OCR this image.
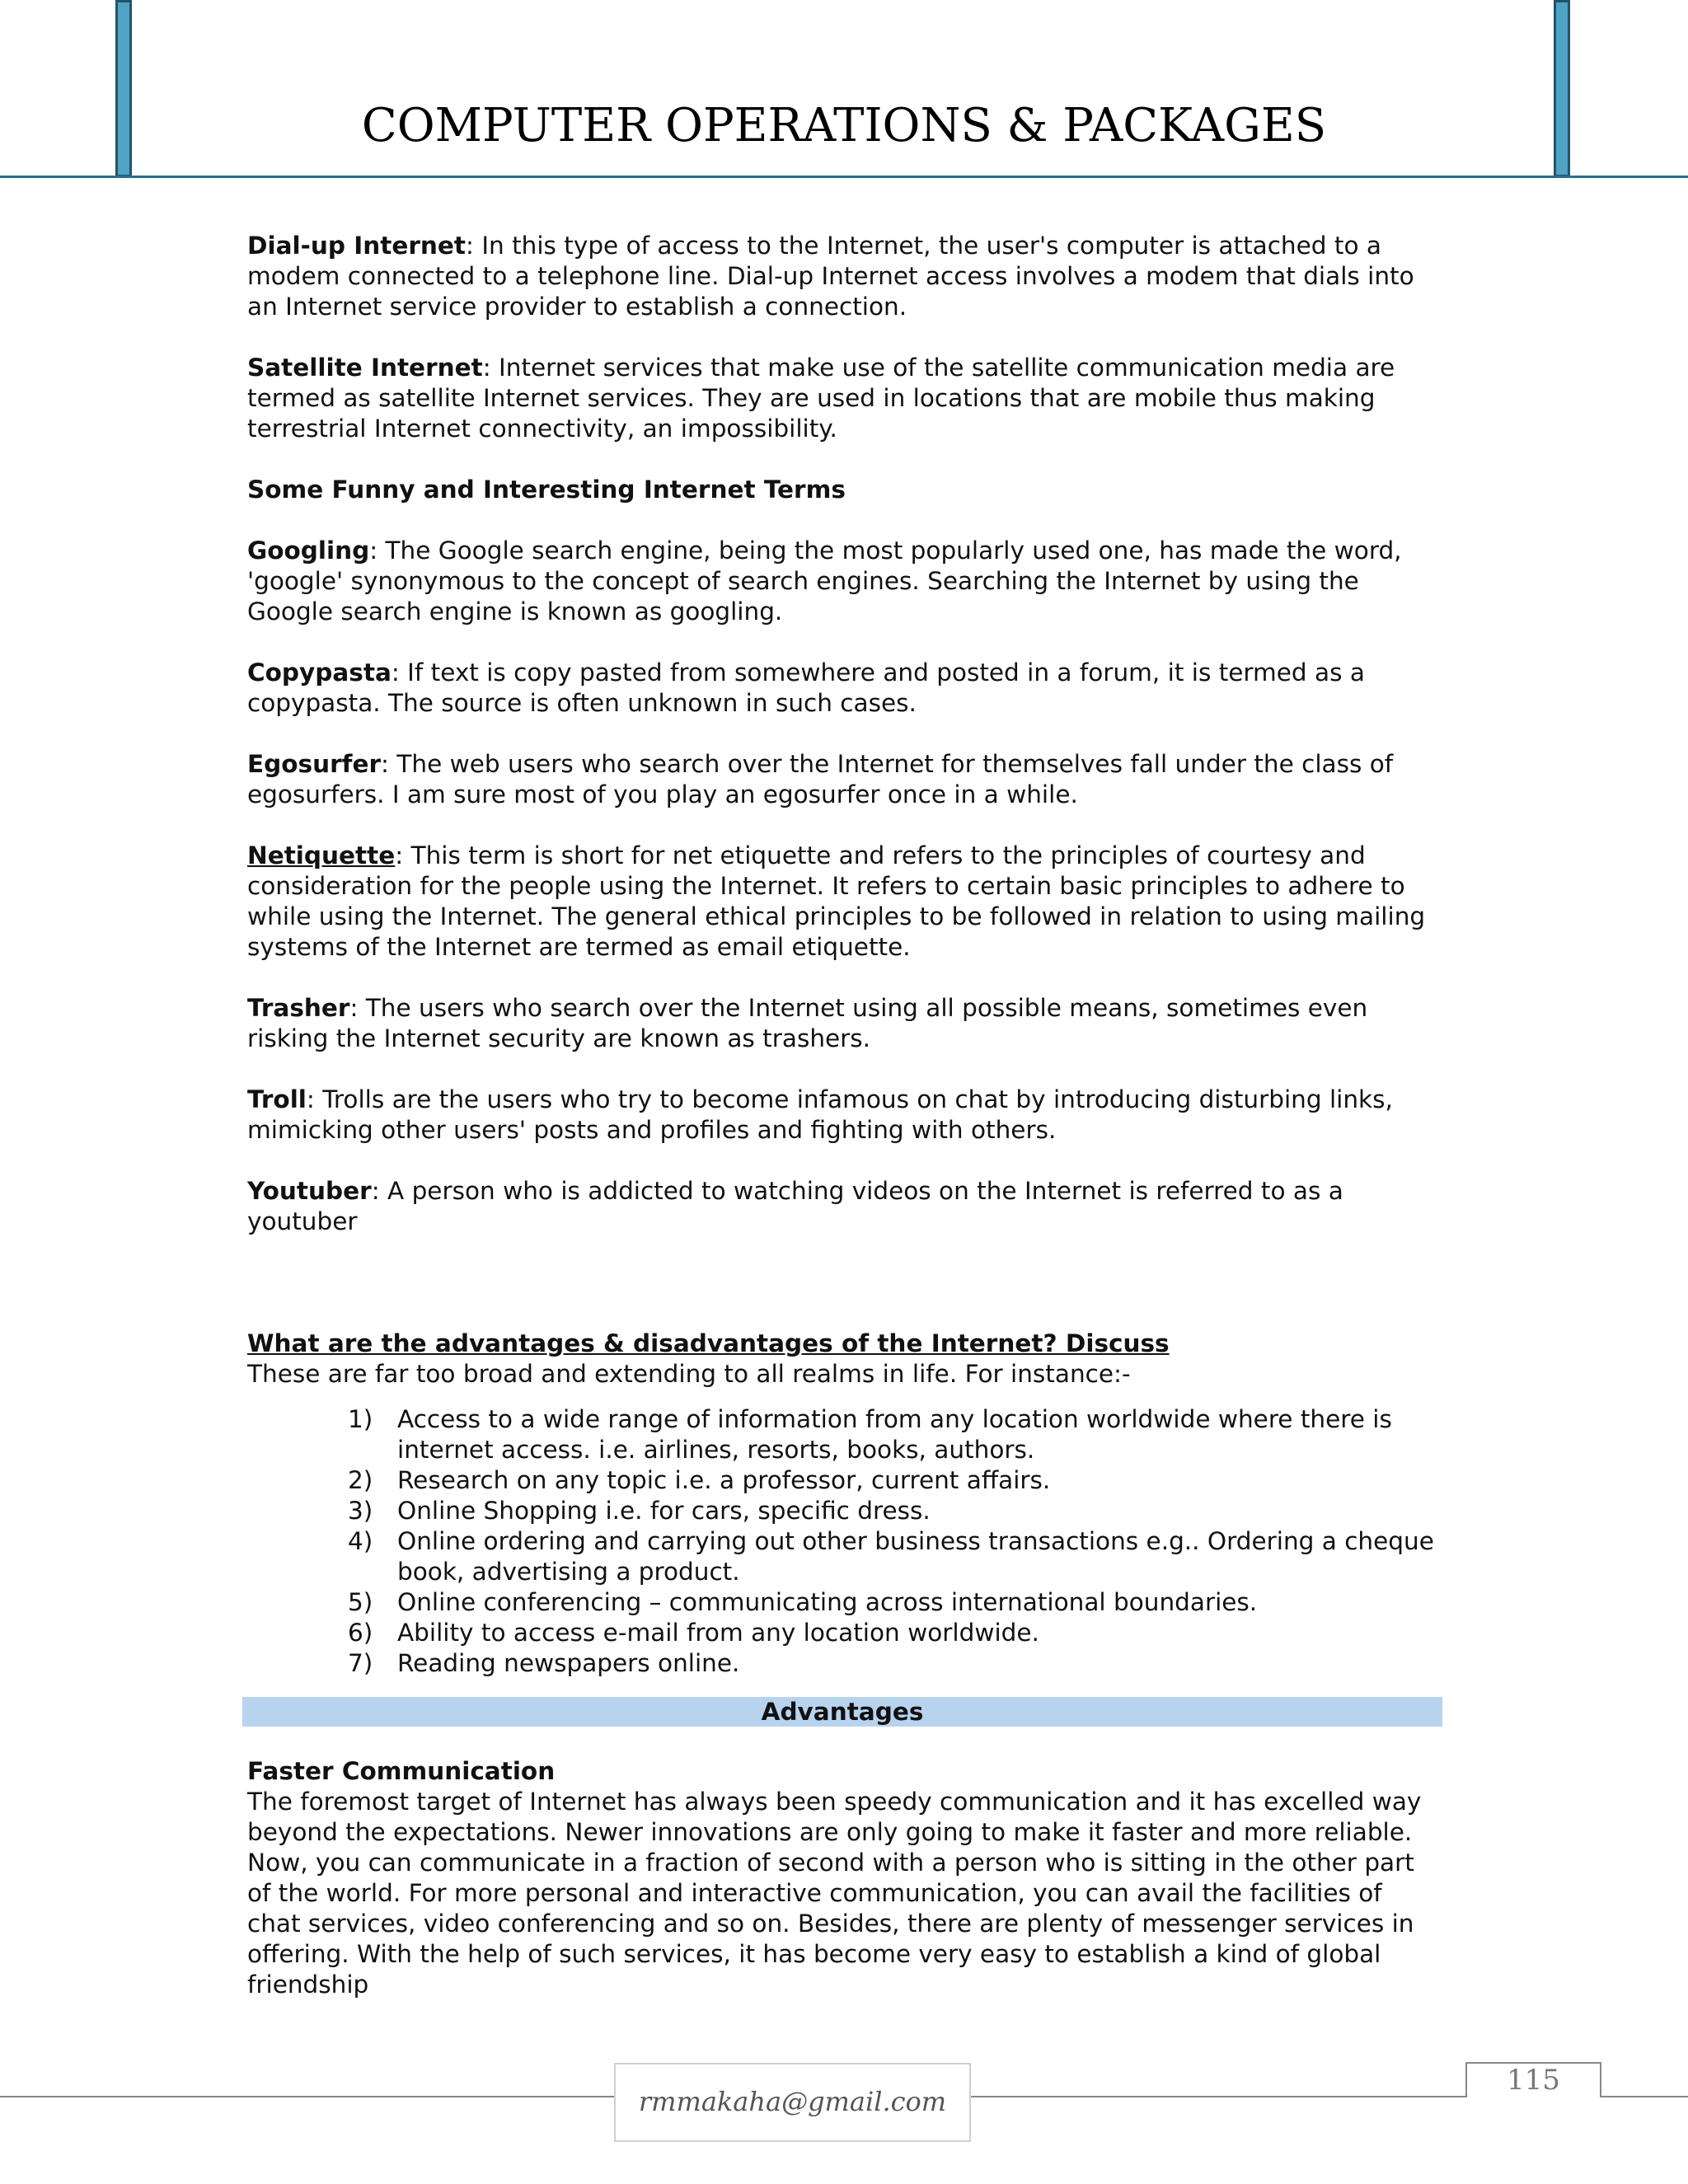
COMPUTER OPERATIONS & PACKAGES

Dial-up Internet: In this type of access to the Internet, the user's computer is attached to a modem connected to a telephone line. Dial-up Internet access involves a modem that dials into an Internet service provider to establish a connection.

Satellite Internet: Internet services that make use of the satellite communication media are termed as satellite Internet services. They are used in locations that are mobile thus making terrestrial Internet connectivity, an impossibility.

Some Funny and Interesting Internet Terms

Googling: The Google search engine, being the most popularly used one, has made the word, 'google' synonymous to the concept of search engines. Searching the Internet by using the Google search engine is known as googling.

Copypasta: If text is copy pasted from somewhere and posted in a forum, it is termed as a copypasta. The source is often unknown in such cases.

Egosurfer: The web users who search over the Internet for themselves fall under the class of egosurfers. I am sure most of you play an egosurfer once in a while.

Netiquette: This term is short for net etiquette and refers to the principles of courtesy and consideration for the people using the Internet. It refers to certain basic principles to adhere to while using the Internet. The general ethical principles to be followed in relation to using mailing systems of the Internet are termed as email etiquette.

Trasher: The users who search over the Internet using all possible means, sometimes even risking the Internet security are known as trashers.

Troll: Trolls are the users who try to become infamous on chat by introducing disturbing links, mimicking other users' posts and profiles and fighting with others.

Youtuber: A person who is addicted to watching videos on the Internet is referred to as a youtuber

What are the advantages & disadvantages of the Internet? Discuss
These are far too broad and extending to all realms in life. For instance:-
1) Access to a wide range of information from any location worldwide where there is internet access. i.e. airlines, resorts, books, authors.
2) Research on any topic i.e. a professor, current affairs.
3) Online Shopping i.e. for cars, specific dress.
4) Online ordering and carrying out other business transactions e.g.. Ordering a cheque book, advertising a product.
5) Online conferencing – communicating across international boundaries.
6) Ability to access e-mail from any location worldwide.
7) Reading newspapers online.
Advantages
Faster Communication
The foremost target of Internet has always been speedy communication and it has excelled way beyond the expectations. Newer innovations are only going to make it faster and more reliable. Now, you can communicate in a fraction of second with a person who is sitting in the other part of the world. For more personal and interactive communication, you can avail the facilities of chat services, video conferencing and so on. Besides, there are plenty of messenger services in offering. With the help of such services, it has become very easy to establish a kind of global friendship
rmmakaha@gmail.com
115
